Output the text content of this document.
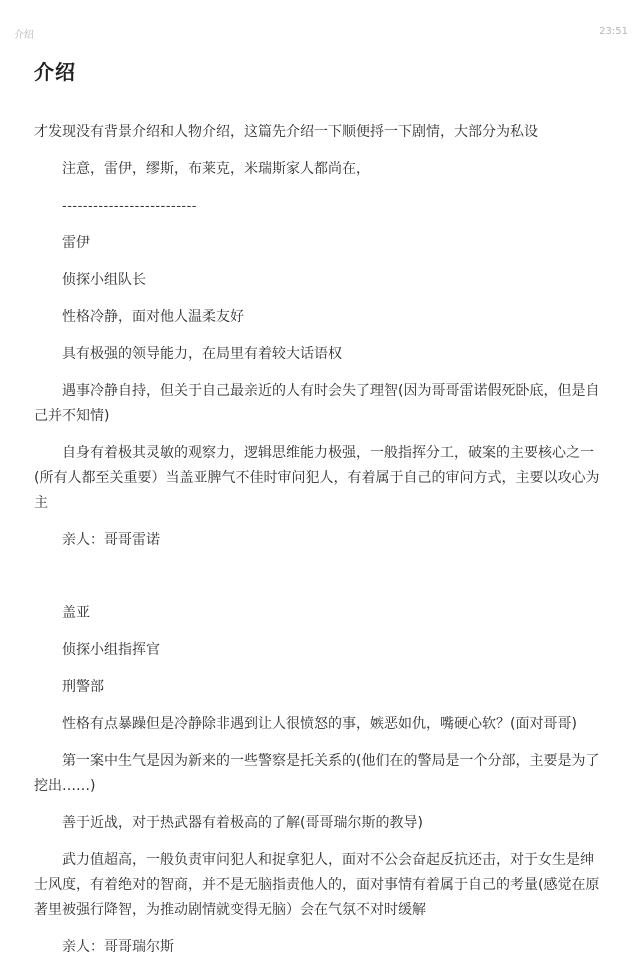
介绍	23:51
介绍

才发现没有背景介绍和人物介绍，这篇先介绍一下顺便捋一下剧情，大部分为私设

注意，雷伊，缪斯，布莱克，米瑞斯家人都尚在，

--------------------------

雷伊

侦探小组队长

性格冷静，面对他人温柔友好

具有极强的领导能力，在局里有着较大话语权

遇事冷静自持，但关于自己最亲近的人有时会失了理智(因为哥哥雷诺假死卧底，但是自己并不知情)

自身有着极其灵敏的观察力，逻辑思维能力极强，一般指挥分工，破案的主要核心之一(所有人都至关重要）当盖亚脾气不佳时审问犯人，有着属于自己的审问方式，主要以攻心为主

亲人：哥哥雷诺

盖亚

侦探小组指挥官

刑警部

性格有点暴躁但是冷静除非遇到让人很愤怒的事，嫉恶如仇，嘴硬心软？(面对哥哥)

第一案中生气是因为新来的一些警察是托关系的(他们在的警局是一个分部，主要是为了挖出……)

善于近战，对于热武器有着极高的了解(哥哥瑞尔斯的教导)

武力值超高，一般负责审问犯人和捉拿犯人，面对不公会奋起反抗还击，对于女生是绅士风度，有着绝对的智商，并不是无脑指责他人的，面对事情有着属于自己的考量(感觉在原著里被强行降智，为推动剧情就变得无脑）会在气氛不对时缓解

亲人：哥哥瑞尔斯
